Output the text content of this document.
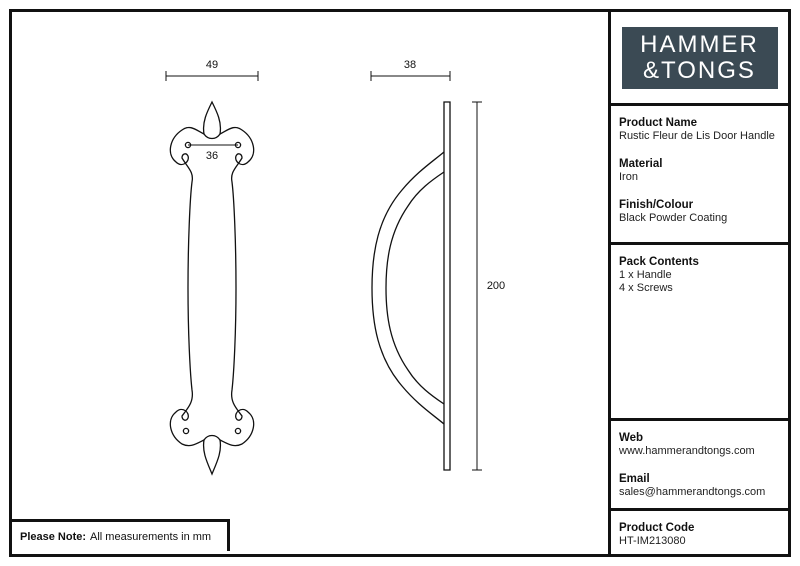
49	38
200
36
Please Note: All measurements in mm
HAMMER
&TONGS
Product Name
Rustic Fleur de Lis Door Handle
Material
Iron
Finish/Colour
Black Powder Coating
Pack Contents
1 x Handle
4 x Screws
Web
www.hammerandtongs.com
Email
sales@hammerandtongs.com
Product Code
HT-IM213080
